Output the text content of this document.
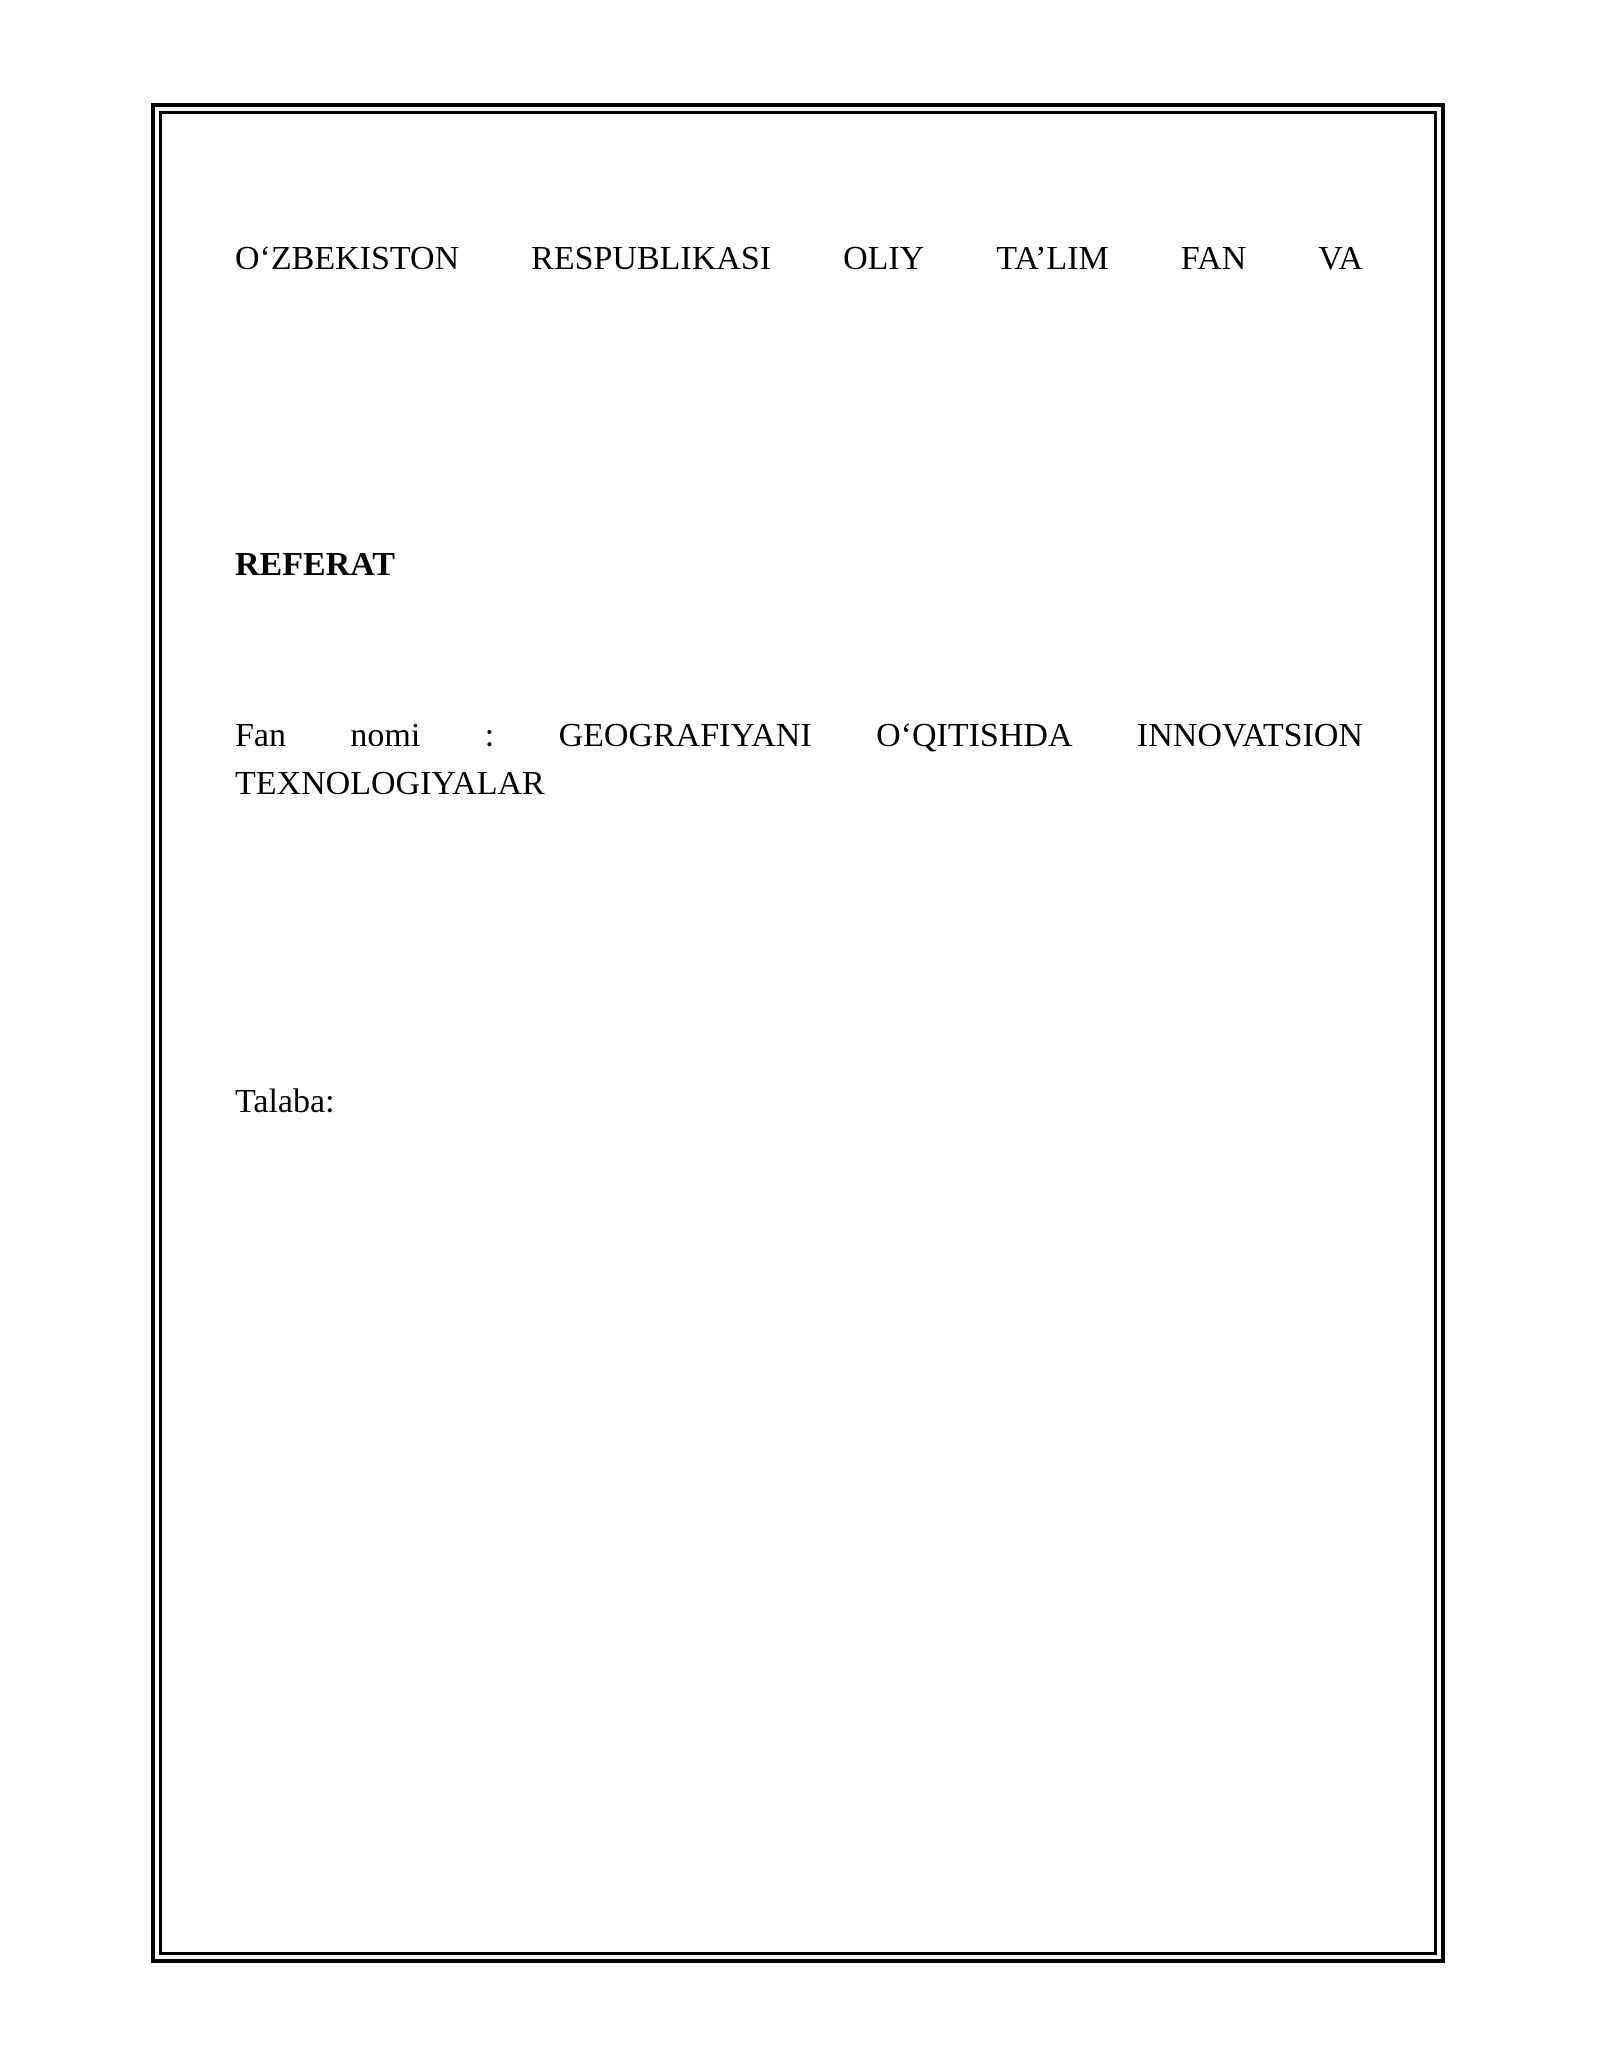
O‘ZBEKISTON RESPUBLIKASI OLIY TA’LIM FAN VA
REFERAT
Fan nomi : GEOGRAFIYANI O‘QITISHDA INNOVATSION
TEXNOLOGIYALAR
Talaba:
